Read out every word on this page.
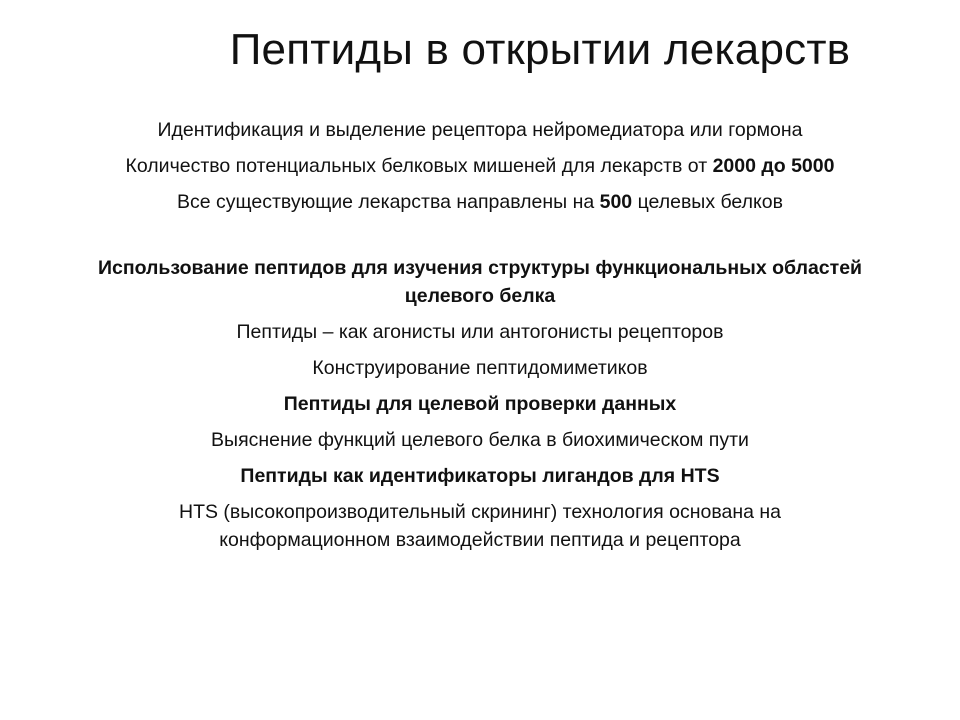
Пептиды в открытии лекарств

Идентификация и выделение рецептора нейромедиатора или гормона

Количество потенциальных белковых мишеней для лекарств от 2000 до 5000

Все существующие лекарства направлены на 500 целевых белков

Использование пептидов для изучения структуры функциональных областей
целевого белка

Пептиды – как агонисты или антогонисты рецепторов

Конструирование пептидомиметиков

Пептиды для целевой проверки данных

Выяснение функций целевого белка в биохимическом пути

Пептиды как идентификаторы лигандов для HTS

HTS (высокопроизводительный скрининг) технология основана на
конформационном взаимодействии пептида и рецептора
